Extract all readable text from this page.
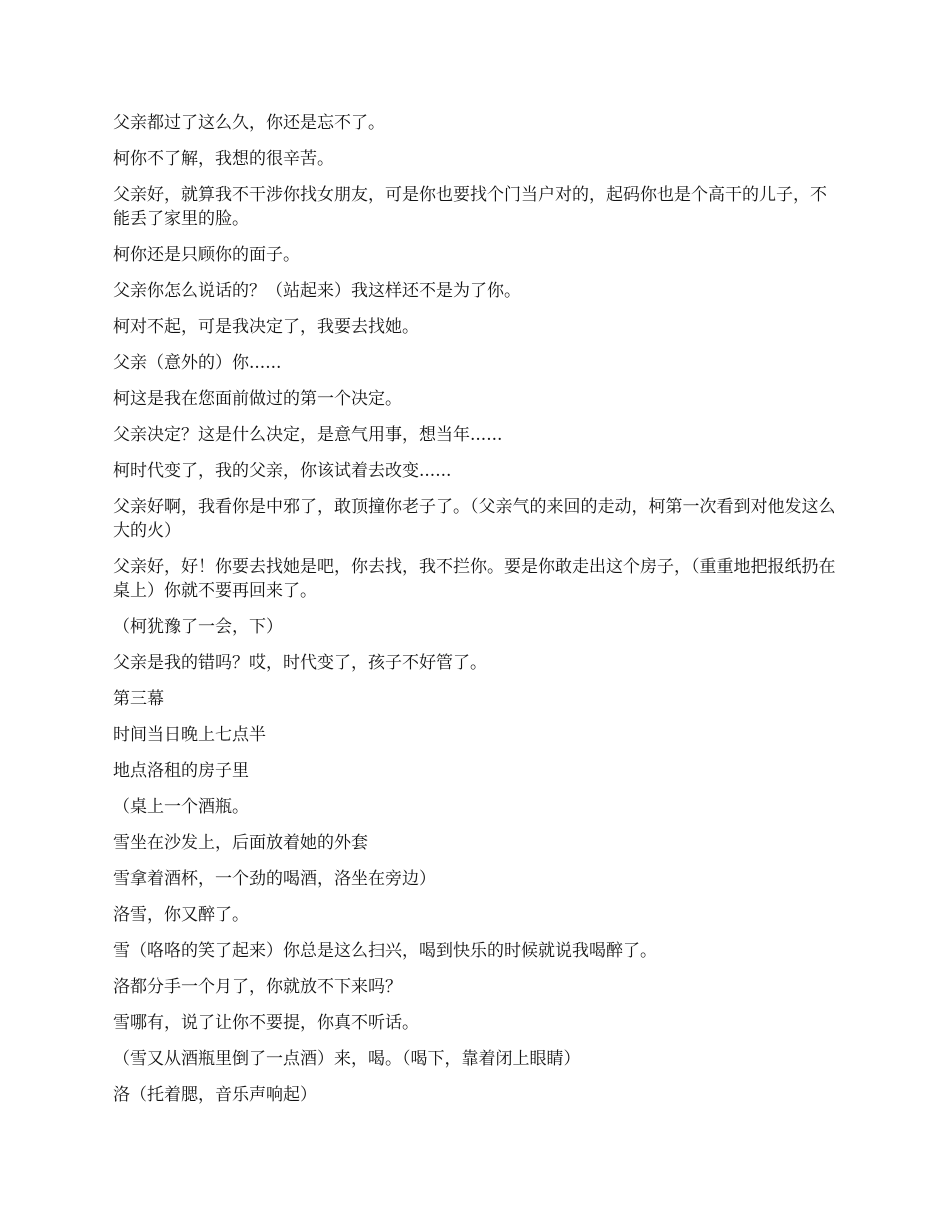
父亲都过了这么久，你还是忘不了。

柯你不了解，我想的很辛苦。

父亲好，就算我不干涉你找女朋友，可是你也要找个门当户对的，起码你也是个高干的儿子，不能丢了家里的脸。

柯你还是只顾你的面子。

父亲你怎么说话的？（站起来）我这样还不是为了你。

柯对不起，可是我决定了，我要去找她。

父亲（意外的）你......

柯这是我在您面前做过的第一个决定。

父亲决定？这是什么决定，是意气用事，想当年......

柯时代变了，我的父亲，你该试着去改变......

父亲好啊，我看你是中邪了，敢顶撞你老子了。（父亲气的来回的走动，柯第一次看到对他发这么大的火）

父亲好，好！你要去找她是吧，你去找，我不拦你。要是你敢走出这个房子，（重重地把报纸扔在桌上）你就不要再回来了。

（柯犹豫了一会，下）

父亲是我的错吗？哎，时代变了，孩子不好管了。

第三幕

时间当日晚上七点半

地点洛租的房子里

（桌上一个酒瓶。

雪坐在沙发上，后面放着她的外套

雪拿着酒杯，一个劲的喝酒，洛坐在旁边）

洛雪，你又醉了。

雪（咯咯的笑了起来）你总是这么扫兴，喝到快乐的时候就说我喝醉了。

洛都分手一个月了，你就放不下来吗？

雪哪有，说了让你不要提，你真不听话。

（雪又从酒瓶里倒了一点酒）来，喝。（喝下，靠着闭上眼睛）

洛（托着腮，音乐声响起）
